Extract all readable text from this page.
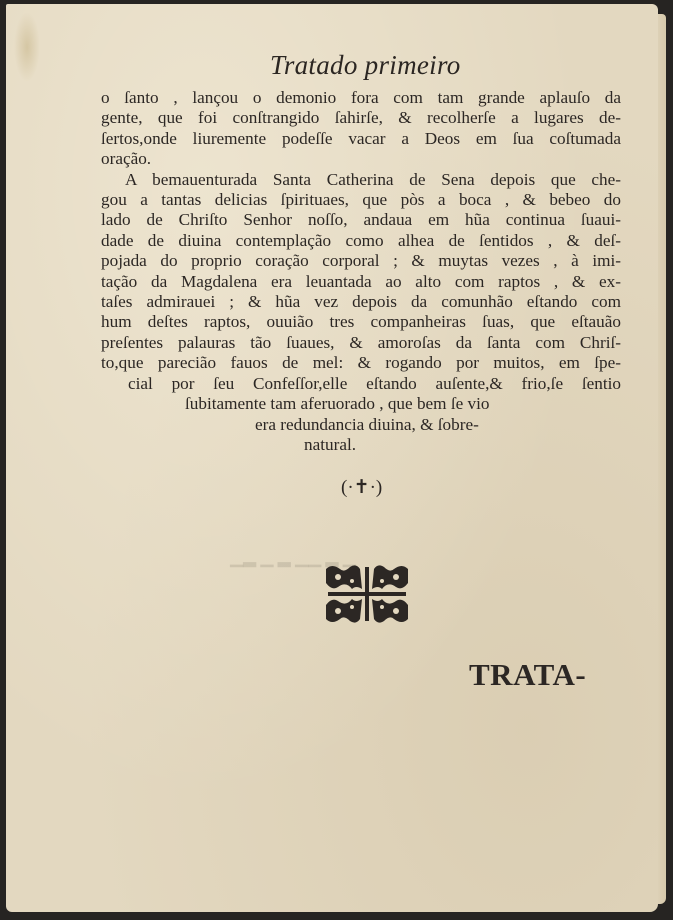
▁ ▂ ▁▁ ▂ ▁ ▂▁
Tratado primeiro
o ſanto , lançou o demonio fora com tam grande aplauſo da
gente, que foi conſtrangido ſahirſe, & recolherſe a lugares de-
ſertos,onde liuremente podeſſe vacar a Deos em ſua coſtumada
oração.
A bemauenturada Santa Catherina de Sena depois que che-
gou a tantas delicias ſpirituaes, que pòs a boca , & bebeo do
lado de Chriſto Senhor noſſo, andaua em hũa continua ſuaui-
dade de diuina contemplação como alhea de ſentidos , & deſ-
pojada do proprio coração corporal ; & muytas vezes , à imi-
tação da Magdalena era leuantada ao alto com raptos , & ex-
taſes admirauei ; & hũa vez depois da comunhão eſtando com
hum deſtes raptos, ouuião tres companheiras ſuas, que eſtauão
preſentes palauras tão ſuaues, & amoroſas da ſanta com Chriſ-
to,que parecião fauos de mel: & rogando por muitos, em ſpe-
cial por ſeu Confeſſor,elle eſtando auſente,& frio,ſe ſentio
ſubitamente tam aferuorado , que bem ſe vio
era redundancia diuina, & ſobre-
natural.
(·✝·)
TRATA-
